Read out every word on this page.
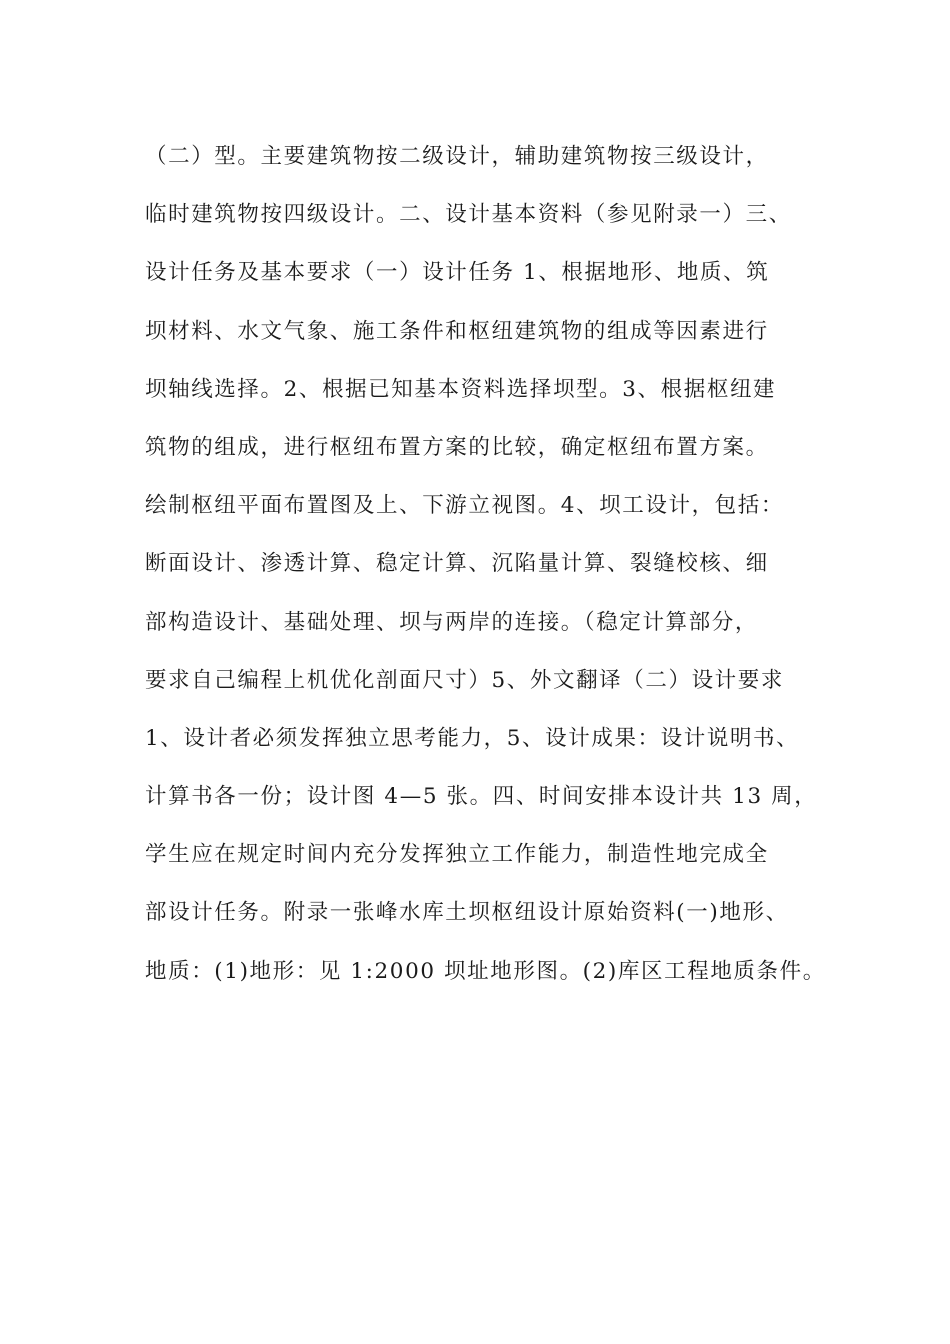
（二）型。主要建筑物按二级设计，辅助建筑物按三级设计，
临时建筑物按四级设计。二、设计基本资料（参见附录一）三、
设计任务及基本要求（一）设计任务 1、根据地形、地质、筑
坝材料、水文气象、施工条件和枢纽建筑物的组成等因素进行
坝轴线选择。2、根据已知基本资料选择坝型。3、根据枢纽建
筑物的组成，进行枢纽布置方案的比较，确定枢纽布置方案。
绘制枢纽平面布置图及上、下游立视图。4、坝工设计，包括：
断面设计、渗透计算、稳定计算、沉陷量计算、裂缝校核、细
部构造设计、基础处理、坝与两岸的连接。（稳定计算部分，
要求自己编程上机优化剖面尺寸）5、外文翻译（二）设计要求
1、设计者必须发挥独立思考能力，5、设计成果：设计说明书、
计算书各一份；设计图 4—5 张。四、时间安排本设计共 13 周，
学生应在规定时间内充分发挥独立工作能力，制造性地完成全
部设计任务。附录一张峰水库土坝枢纽设计原始资料(一)地形、
地质：(1)地形：见 1:2000 坝址地形图。(2)库区工程地质条件。
